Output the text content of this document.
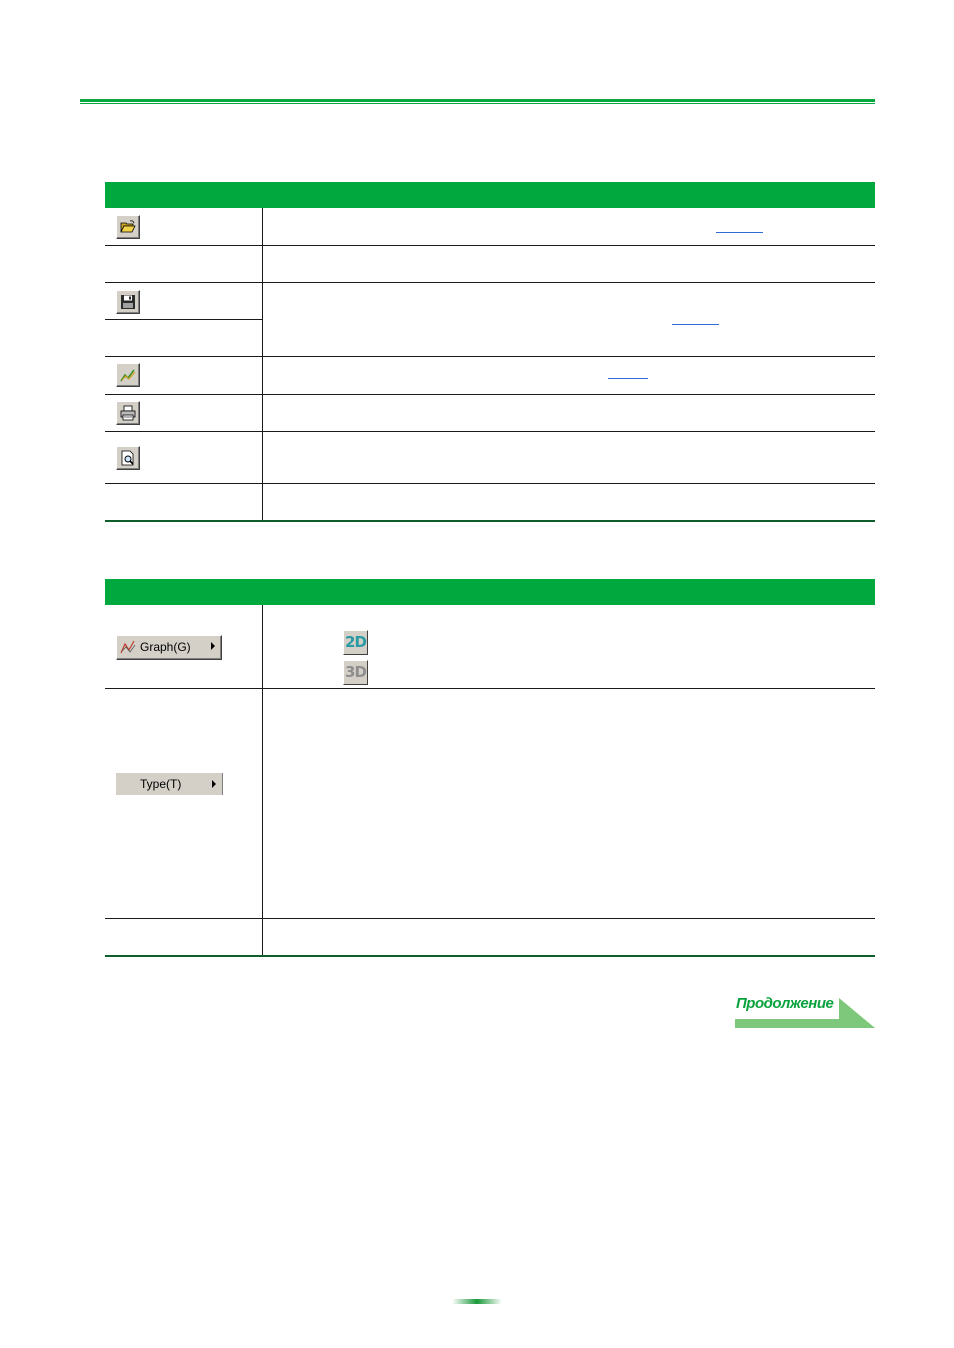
Graph(G)	2D
3D
Type(T)
Продолжение
